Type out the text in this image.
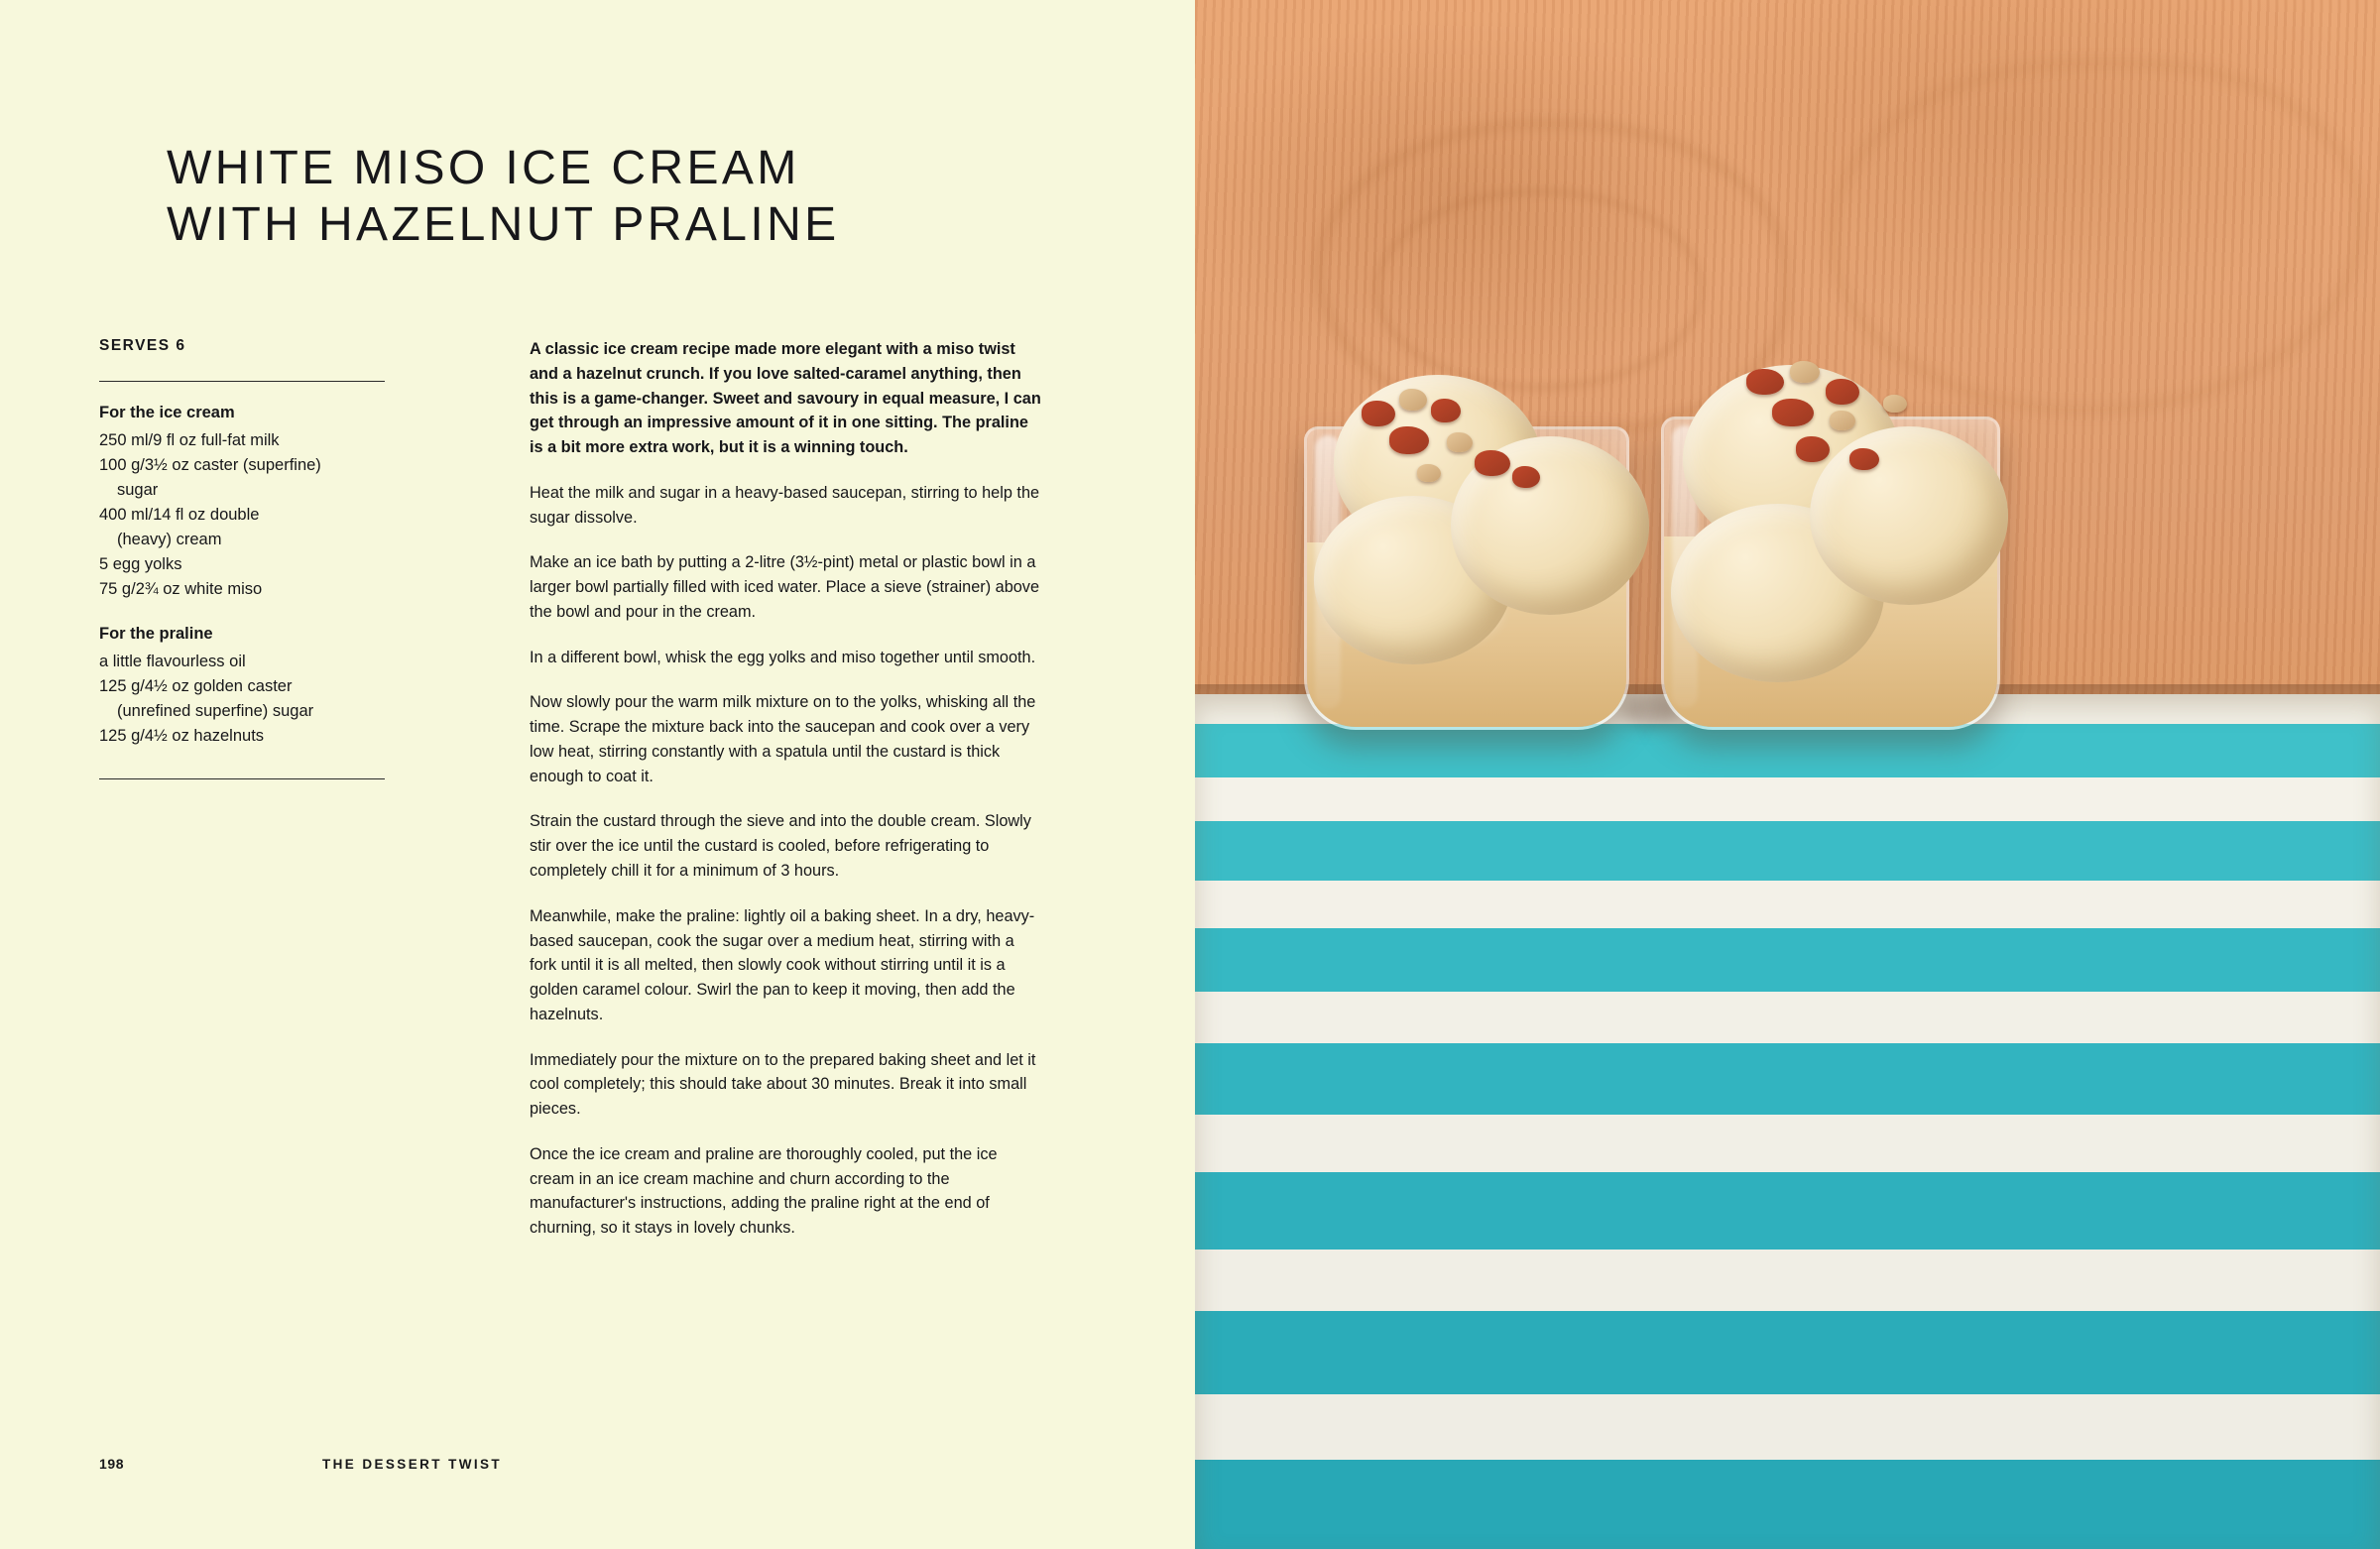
WHITE MISO ICE CREAM
WITH HAZELNUT PRALINE
SERVES 6
For the ice cream
250 ml/9 fl oz full-fat milk
100 g/3½ oz caster (superfine)
sugar
400 ml/14 fl oz double
(heavy) cream
5 egg yolks
75 g/2¾ oz white miso
For the praline
a little flavourless oil
125 g/4½ oz golden caster
(unrefined superfine) sugar
125 g/4½ oz hazelnuts

A classic ice cream recipe made more elegant with a miso twist and a hazelnut crunch. If you love salted-caramel anything, then this is a game-changer. Sweet and savoury in equal measure, I can get through an impressive amount of it in one sitting. The praline is a bit more extra work, but it is a winning touch.

Heat the milk and sugar in a heavy-based saucepan, stirring to help the sugar dissolve.

Make an ice bath by putting a 2-litre (3½-pint) metal or plastic bowl in a larger bowl partially filled with iced water. Place a sieve (strainer) above the bowl and pour in the cream.

In a different bowl, whisk the egg yolks and miso together until smooth.

Now slowly pour the warm milk mixture on to the yolks, whisking all the time. Scrape the mixture back into the saucepan and cook over a very low heat, stirring constantly with a spatula until the custard is thick enough to coat it.

Strain the custard through the sieve and into the double cream. Slowly stir over the ice until the custard is cooled, before refrigerating to completely chill it for a minimum of 3 hours.

Meanwhile, make the praline: lightly oil a baking sheet. In a dry, heavy-based saucepan, cook the sugar over a medium heat, stirring with a fork until it is all melted, then slowly cook without stirring until it is a golden caramel colour. Swirl the pan to keep it moving, then add the hazelnuts.

Immediately pour the mixture on to the prepared baking sheet and let it cool completely; this should take about 30 minutes. Break it into small pieces.

Once the ice cream and praline are thoroughly cooled, put the ice cream in an ice cream machine and churn according to the manufacturer's instructions, adding the praline right at the end of churning, so it stays in lovely chunks.

198	THE DESSERT TWIST
